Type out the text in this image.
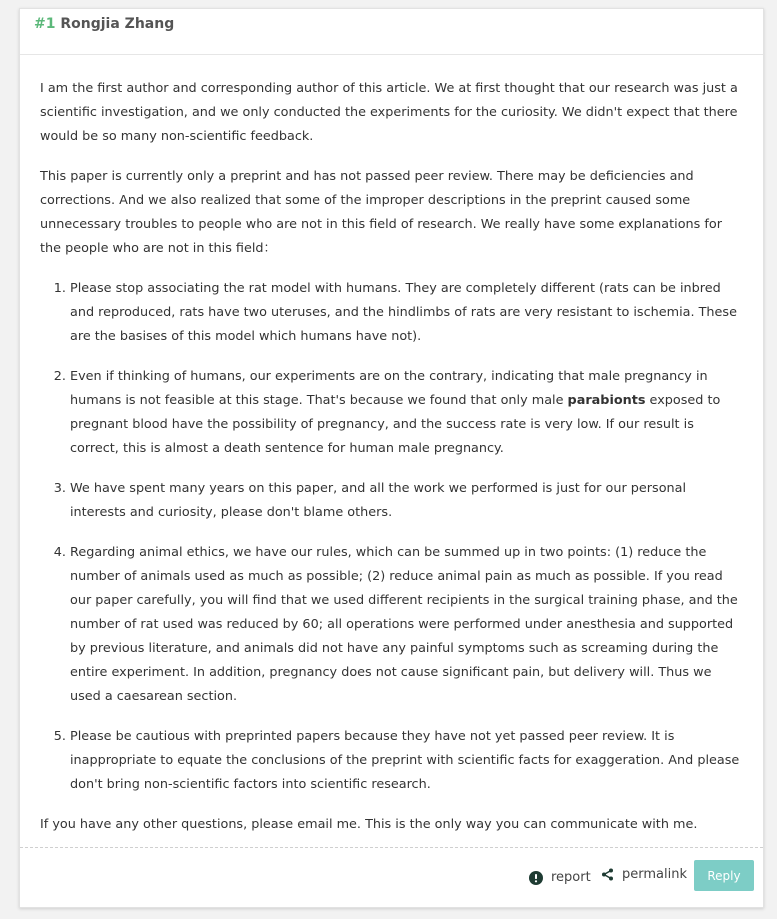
#1 Rongjia Zhang

I am the first author and corresponding author of this article. We at first thought that our research was just a scientific investigation, and we only conducted the experiments for the curiosity. We didn't expect that there would be so many non-scientific feedback.

This paper is currently only a preprint and has not passed peer review. There may be deficiencies and corrections. And we also realized that some of the improper descriptions in the preprint caused some unnecessary troubles to people who are not in this field of research. We really have some explanations for the people who are not in this field：

1. Please stop associating the rat model with humans. They are completely different (rats can be inbred and reproduced, rats have two uteruses, and the hindlimbs of rats are very resistant to ischemia. These are the basises of this model which humans have not).
2. Even if thinking of humans, our experiments are on the contrary, indicating that male pregnancy in humans is not feasible at this stage. That's because we found that only male parabionts exposed to pregnant blood have the possibility of pregnancy, and the success rate is very low. If our result is correct, this is almost a death sentence for human male pregnancy.
3. We have spent many years on this paper, and all the work we performed is just for our personal interests and curiosity, please don't blame others.
4. Regarding animal ethics, we have our rules, which can be summed up in two points: (1) reduce the number of animals used as much as possible; (2) reduce animal pain as much as possible. If you read our paper carefully, you will find that we used different recipients in the surgical training phase, and the number of rat used was reduced by 60; all operations were performed under anesthesia and supported by previous literature, and animals did not have any painful symptoms such as screaming during the entire experiment. In addition, pregnancy does not cause significant pain, but delivery will. Thus we used a caesarean section.
5. Please be cautious with preprinted papers because they have not yet passed peer review. It is inappropriate to equate the conclusions of the preprint with scientific facts for exaggeration. And please don't bring non-scientific factors into scientific research.

If you have any other questions, please email me. This is the only way you can communicate with me.

report permalink	Reply
